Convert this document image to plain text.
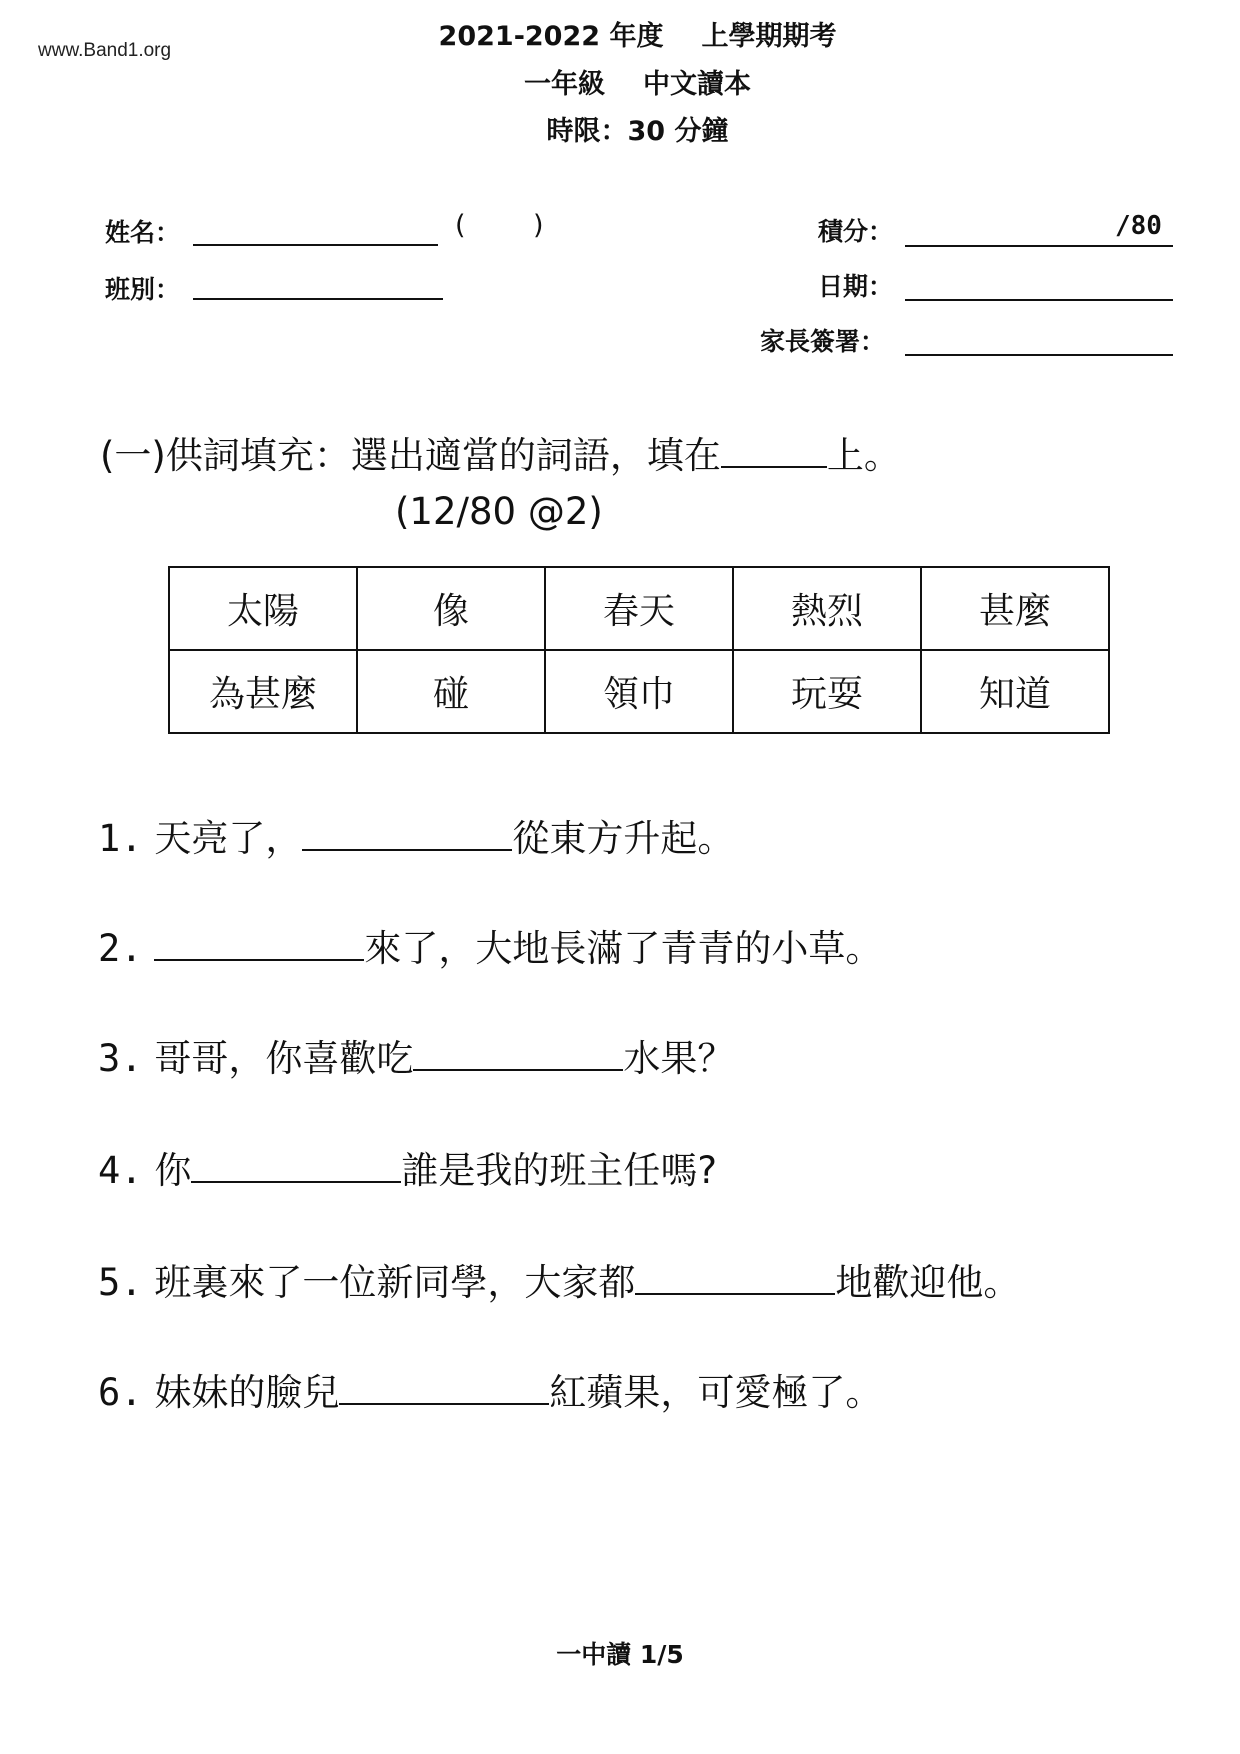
www.Band1.org	2021-2022 年度 上學期期考
一年級 中文讀本
時限：30 分鐘
姓名：	( )
班別：
積分：	/80
日期：
家長簽署：
(一)供詞填充：選出適當的詞語，填在	上。
(12/80 @2)
太陽	像	春天	熱烈	甚麼
為甚麼	碰	領巾	玩耍	知道
1. 天亮了，	從東方升起。
2.	來了，大地長滿了青青的小草。
3. 哥哥，你喜歡吃	水果？
4. 你	誰是我的班主任嗎?
5. 班裏來了一位新同學，大家都	地歡迎他。
6. 妹妹的臉兒	紅蘋果，可愛極了。
一中讀 1/5
